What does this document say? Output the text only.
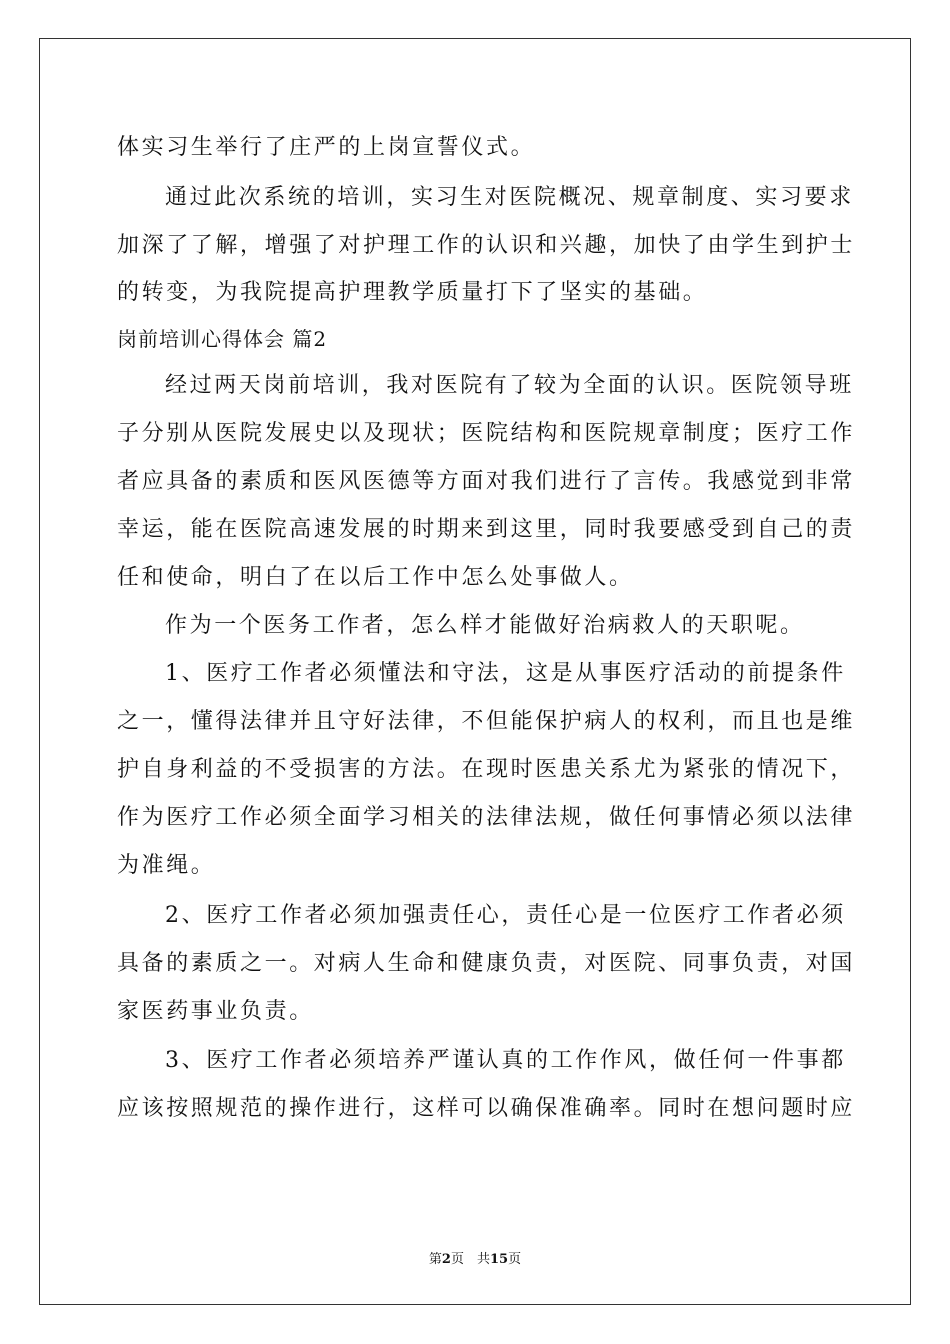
体实习生举行了庄严的上岗宣誓仪式。
通过此次系统的培训，实习生对医院概况、规章制度、实习要求
加深了了解，增强了对护理工作的认识和兴趣，加快了由学生到护士
的转变，为我院提高护理教学质量打下了坚实的基础。
岗前培训心得体会 篇2
经过两天岗前培训，我对医院有了较为全面的认识。医院领导班
子分别从医院发展史以及现状；医院结构和医院规章制度；医疗工作
者应具备的素质和医风医德等方面对我们进行了言传。我感觉到非常
幸运，能在医院高速发展的时期来到这里，同时我要感受到自己的责
任和使命，明白了在以后工作中怎么处事做人。
作为一个医务工作者，怎么样才能做好治病救人的天职呢。
1、医疗工作者必须懂法和守法，这是从事医疗活动的前提条件
之一，懂得法律并且守好法律，不但能保护病人的权利，而且也是维
护自身利益的不受损害的方法。在现时医患关系尤为紧张的情况下，
作为医疗工作必须全面学习相关的法律法规，做任何事情必须以法律
为准绳。
2、医疗工作者必须加强责任心，责任心是一位医疗工作者必须
具备的素质之一。对病人生命和健康负责，对医院、同事负责，对国
家医药事业负责。
3、医疗工作者必须培养严谨认真的工作作风，做任何一件事都
应该按照规范的操作进行，这样可以确保准确率。同时在想问题时应
第2页　共15页
